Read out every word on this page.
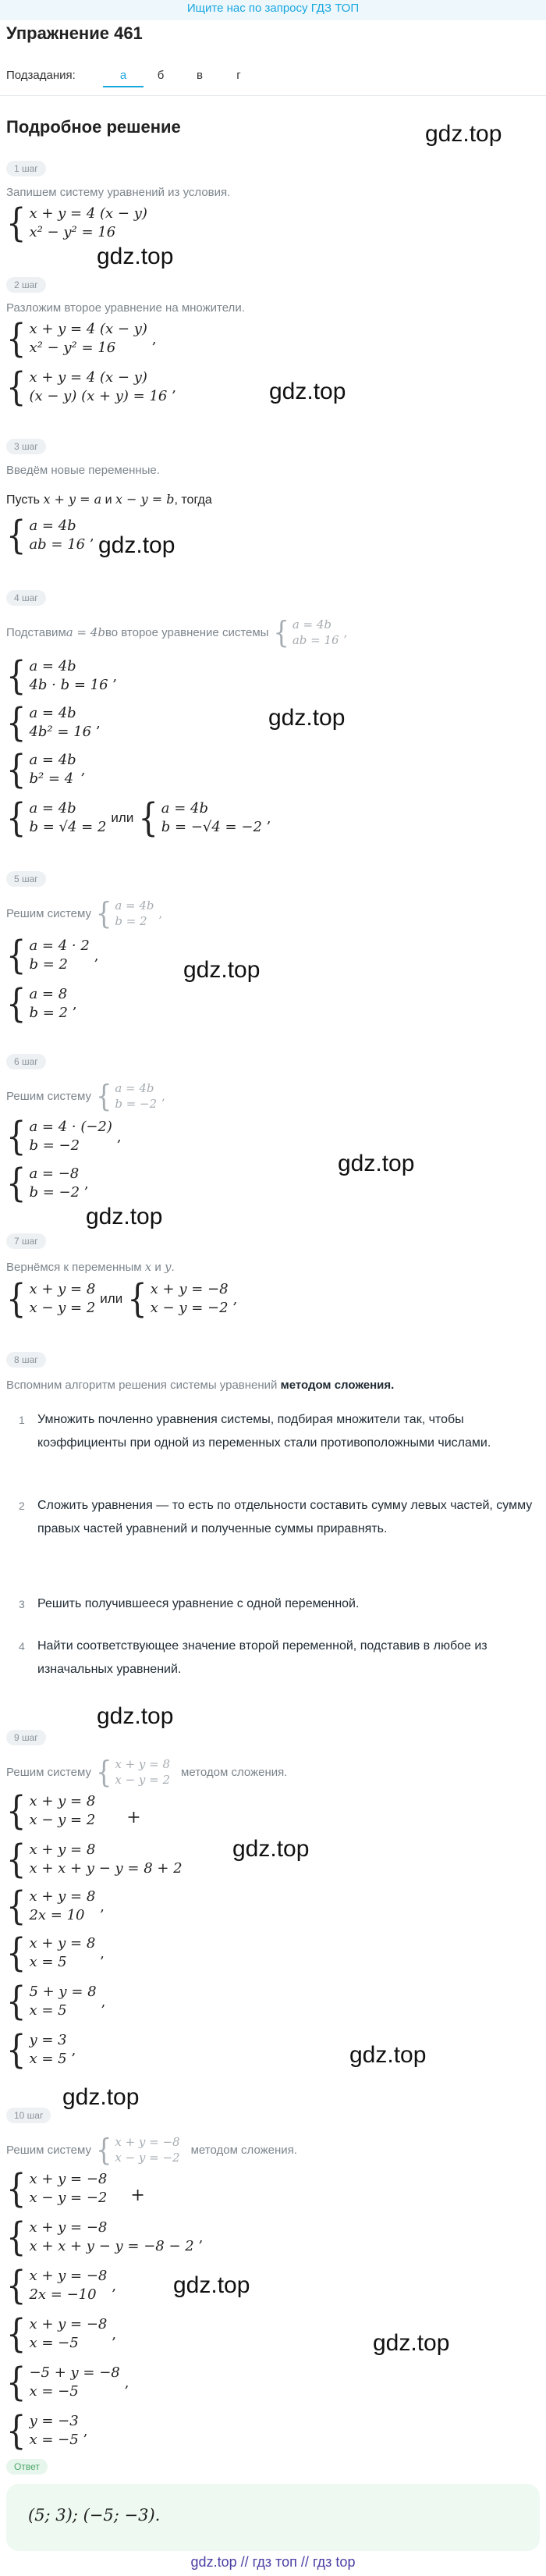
Ищите нас по запросу ГДЗ ТОП
Упражнение 461
Подзадания:	а	б	в	г
Подробное решение	gdz.top
gdz.top
gdz.top
gdz.top
gdz.top
gdz.top
gdz.top
gdz.top
gdz.top
gdz.top
gdz.top
gdz.top
gdz.top
gdz.top
1 шаг
Запишем систему уравнений из условия.
{ x + y = 4 (x − y)
x² − y² = 16
2 шаг
Разложим второе уравнение на множители.
{ x + y = 4 (x − y)
x² − y² = 16
,
{ x + y = 4 (x − y)
(x − y) (x + y) = 16
,
3 шаг
Введём новые переменные.
Пусть x + y = a и x − y = b, тогда
{ a = 4b
ab = 16
,
4 шаг
Подставим a = 4b во второе уравнение системы { a = 4b
ab = 16
,
{ a = 4b
4b · b = 16
,
{ a = 4b
4b² = 16
,
{ a = 4b
b² = 4
,
{ a = 4b
b = √4 = 2
или { a = 4b
b = −√4 = −2
,
5 шаг
Решим систему { a = 4b
b = 2
,
{ a = 4 · 2
b = 2
,
{ a = 8
b = 2
,
6 шаг
Решим систему { a = 4b
b = −2
,
{ a = 4 · (−2)
b = −2
,
{ a = −8
b = −2
,
7 шаг
Вернёмся к переменным x и y.
{ x + y = 8
x − y = 2
или { x + y = −8
x − y = −2
,
8 шаг
Вспомним алгоритм решения системы уравнений методом сложения.
1 Умножить почленно уравнения системы, подбирая множители так, чтобы коэффициенты при одной из переменных стали противоположными числами.
2 Сложить уравнения — то есть по отдельности составить сумму левых частей, сумму правых частей уравнений и полученные суммы приравнять.
3 Решить получившееся уравнение с одной переменной.
4 Найти соответствующее значение второй переменной, подставив в любое из изначальных уравнений.
9 шаг
Решим систему { x + y = 8
x − y = 2
методом сложения.
{ x + y = 8
x − y = 2 +
{ x + y = 8
x + x + y − y = 8 + 2
{ x + y = 8
2x = 10
,
{ x + y = 8
x = 5
,
{ 5 + y = 8
x = 5
,
{ y = 3
x = 5
,
10 шаг
Решим систему { x + y = −8
x − y = −2
методом сложения.
{ x + y = −8
x − y = −2 +
{ x + y = −8
x + x + y − y = −8 − 2
,
{ x + y = −8
2x = −10
,
{ x + y = −8
x = −5
,
{ −5 + y = −8
x = −5
,
{ y = −3
x = −5
,
Ответ
(5; 3); (−5; −3).
gdz.top // гдз топ // гдз top
